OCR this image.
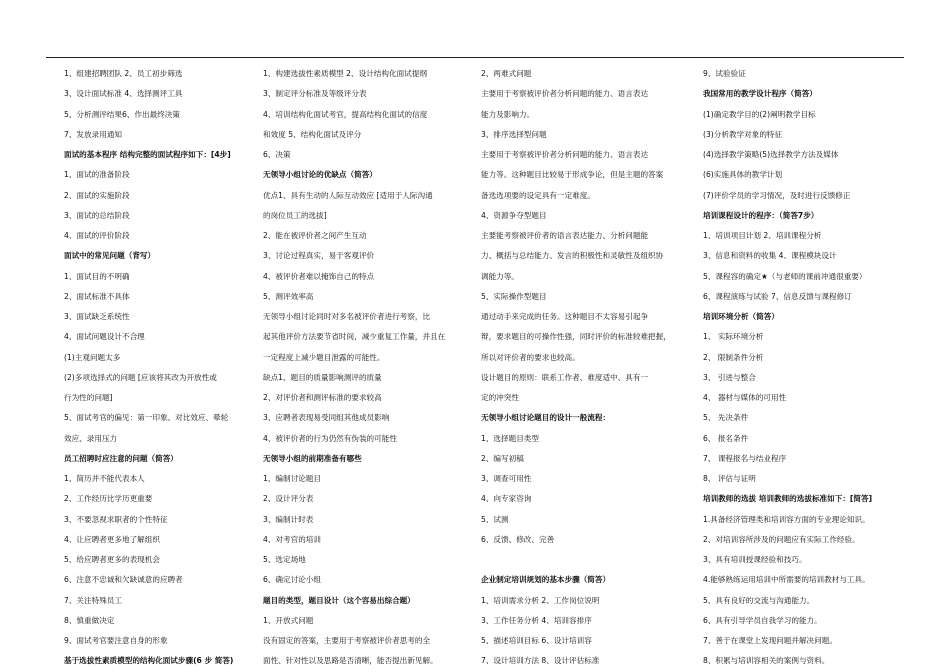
1、组建招聘团队 2、员工初步筛选
3、设计面试标准 4、选择测评工具
5、分析测评结果6、作出最终决策
7、发放录用通知
面试的基本程序 结构完整的面试程序如下：[4步]
1、面试的准备阶段
2、面试的实施阶段
3、面试的总结阶段
4、面试的评价阶段
面试中的常见问题（背写）
1、面试目的不明确
2、面试标准不具体
3、面试缺乏系统性
4、面试问题设计不合理
(1)主观问题太多
(2)多项选择式的问题 [应该将其改为开放性或
行为性的问题]
5、面试考官的偏见：第一印象、对比效应、晕轮
效应、录用压力
员工招聘时应注意的问题（简答）
1、简历并不能代表本人
2、工作经历比学历更重要
3、不要忽视求职者的个性特征
4、让应聘者更多地了解组织
5、给应聘者更多的表现机会
6、注意不忠诚和欠缺诚意的应聘者
7、关注特殊员工
8、慎重做决定
9、面试考官要注意自身的形象
基于选拔性素质模型的结构化面试步骤(6 步 简答)
1、构建选拔性素质模型 2、设计结构化面试提纲
3、制定评分标准及等级评分表
4、培训结构化面试考官，提高结构化面试的信度
和效度 5、结构化面试及评分
6、决策
无领导小组讨论的优缺点（简答）
优点1、具有生动的人际互动效应 [适用于人际沟通
的岗位员工的选拔]
2、能在被评价者之间产生互动
3、讨论过程真实，易于客观评价
4、被评价者难以掩饰自己的特点
5、测评效率高
无领导小组讨论同时对多名被评价者进行考察，比
起其他评价方法要节省时间，减少重复工作量，并且在
一定程度上减少题目泄露的可能性。
缺点1、题目的质量影响测评的质量
2、对评价者和测评标准的要求较高
3、应聘者表现易受同组其他成员影响
4、被评价者的行为仍然有伪装的可能性
无领导小组的前期准备有哪些
1、编制讨论题目
2、设计评分表
3、编制计时表
4、对考官的培训
5、选定场地
6、确定讨论小组
题目的类型，题目设计（这个容易出综合题）
1、开放式问题
没有固定的答案，主要用于考察被评价者思考的全
面性、针对性以及思路是否清晰，能否提出新见解。
2、两难式问题
主要用于考察被评价者分析问题的能力、语言表达
能力及影响力。
3、排序选择型问题
主要用于考察被评价者分析问题的能力、语言表达
能力等。这种题目比较易于形成争论，但是主题的答案
备选选项要的设定具有一定难度。
4、资源争夺型题目
主要能考察被评价者的语言表达能力、分析问题能
力、概括与总结能力、发言的积极性和灵敏性及组织协
调能力等。
5、实际操作型题目
通过动手来完成的任务。这种题目不太容易引起争
辩，要求题目的可操作性强，同时评价的标准较难把握，
所以对评价者的要求也较高。
设计题目的原则：联系工作者、难度适中、具有一
定的冲突性
无领导小组讨论题目的设计一般流程：
1、选择题目类型
2、编写初稿
3、调查可用性
4、向专家咨询
5、试测
6、反馈、修改、完善
企业制定培训规划的基本步骤（简答）
1、培训需求分析 2、工作岗位说明
3、工作任务分析 4、培训容排序
5、描述培训目标 6、设计培训容
7、设计培训方法 8、设计评估标准
9、试验验证
我国常用的教学设计程序（简答）
(1)确定教学目的(2)阐明教学目标
(3)分析教学对象的特征
(4)选择教学策略(5)选择教学方法及媒体
(6)实施具体的教学计划
(7)评价学员的学习情况，及时进行反馈修正
培训课程设计的程序：（简答7步）
1、培训项目计划 2、培训课程分析
3、信息和资料的收集 4、课程模块设计
5、课程容的确定★（与老师的课前冲通很重要）
6、课程演练与试验 7、信息反馈与课程修订
培训环境分析（简答）
1、 实际环境分析
2、 限制条件分析
3、 引进与整合
4、 器材与媒体的可用性
5、 先决条件
6、 报名条件
7、 课程报名与结业程序
8、 评估与证明
培训教师的选拔 培训教师的选拔标准如下：[简答]
1.具备经济管理类和培训容方面的专业理论知识。
2、对培训容所涉及的问题应有实际工作经验。
3、具有培训授课经验和技巧。
4.能够熟练运用培训中所需要的培训教材与工具。
5、具有良好的交流与沟通能力。
6、具有引导学员自我学习的能力。
7、善于在课堂上发现问题并解决问题。
8、积累与培训容相关的案例与资料。
